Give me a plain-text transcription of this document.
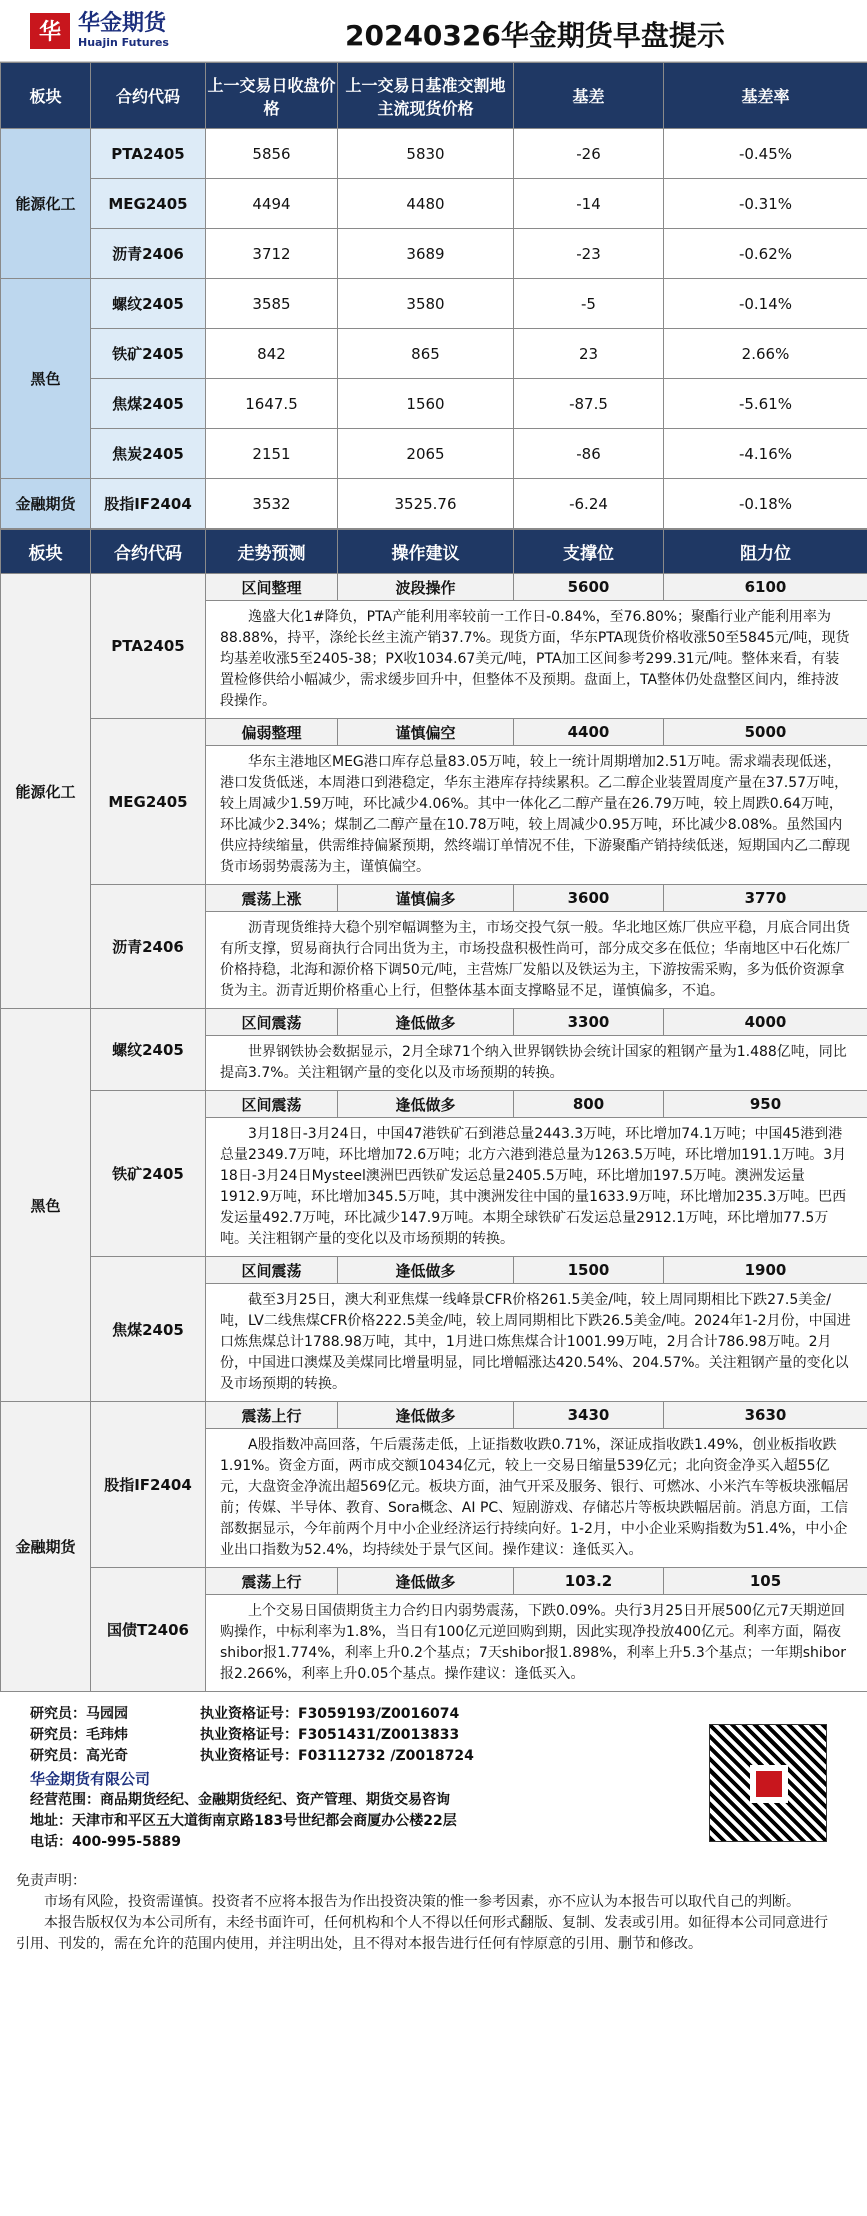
华 华金期货
Huajin Futures	20240326华金期货早盘提示
板块	合约代码	上一交易日收盘价格	上一交易日基准交割地主流现货价格	基差	基差率
能源化工	PTA2405	5856	5830	-26	-0.45%
	MEG2405	4494	4480	-14	-0.31%
	沥青2406	3712	3689	-23	-0.62%
黑色	螺纹2405	3585	3580	-5	-0.14%
	铁矿2405	842	865	23	2.66%
	焦煤2405	1647.5	1560	-87.5	-5.61%
	焦炭2405	2151	2065	-86	-4.16%
金融期货	股指IF2404	3532	3525.76	-6.24	-0.18%
板块	合约代码	走势预测	操作建议	支撑位	阻力位
能源化工	PTA2405	区间整理	波段操作	5600	6100
		逸盛大化1#降负，PTA产能利用率较前一工作日-0.84%，至76.80%；聚酯行业产能利用率为88.88%，持平，涤纶长丝主流产销37.7%。现货方面，华东PTA现货价格收涨50至5845元/吨，现货均基差收涨5至2405-38；PX收1034.67美元/吨，PTA加工区间参考299.31元/吨。整体来看，有装置检修供给小幅减少，需求缓步回升中，但整体不及预期。盘面上，TA整体仍处盘整区间内，维持波段操作。			
	MEG2405	偏弱整理	谨慎偏空	4400	5000
		华东主港地区MEG港口库存总量83.05万吨，较上一统计周期增加2.51万吨。需求端表现低迷，港口发货低迷，本周港口到港稳定，华东主港库存持续累积。乙二醇企业装置周度产量在37.57万吨，较上周减少1.59万吨，环比减少4.06%。其中一体化乙二醇产量在26.79万吨，较上周跌0.64万吨，环比减少2.34%；煤制乙二醇产量在10.78万吨，较上周减少0.95万吨，环比减少8.08%。虽然国内供应持续缩量，供需维持偏紧预期，然终端订单情况不佳，下游聚酯产销持续低迷，短期国内乙二醇现货市场弱势震荡为主，谨慎偏空。			
	沥青2406	震荡上涨	谨慎偏多	3600	3770
		沥青现货维持大稳个别窄幅调整为主，市场交投气氛一般。华北地区炼厂供应平稳，月底合同出货有所支撑，贸易商执行合同出货为主，市场投盘积极性尚可，部分成交多在低位；华南地区中石化炼厂价格持稳，北海和源价格下调50元/吨，主营炼厂发船以及铁运为主，下游按需采购，多为低价资源拿货为主。沥青近期价格重心上行，但整体基本面支撑略显不足，谨慎偏多，不追。			
黑色	螺纹2405	区间震荡	逢低做多	3300	4000
		世界钢铁协会数据显示，2月全球71个纳入世界钢铁协会统计国家的粗钢产量为1.488亿吨，同比提高3.7%。关注粗钢产量的变化以及市场预期的转换。			
	铁矿2405	区间震荡	逢低做多	800	950
		3月18日-3月24日，中国47港铁矿石到港总量2443.3万吨，环比增加74.1万吨；中国45港到港总量2349.7万吨，环比增加72.6万吨；北方六港到港总量为1263.5万吨，环比增加191.1万吨。3月18日-3月24日Mysteel澳洲巴西铁矿发运总量2405.5万吨，环比增加197.5万吨。澳洲发运量1912.9万吨，环比增加345.5万吨，其中澳洲发往中国的量1633.9万吨，环比增加235.3万吨。巴西发运量492.7万吨，环比减少147.9万吨。本期全球铁矿石发运总量2912.1万吨，环比增加77.5万吨。关注粗钢产量的变化以及市场预期的转换。			
	焦煤2405	区间震荡	逢低做多	1500	1900
		截至3月25日，澳大利亚焦煤一线峰景CFR价格261.5美金/吨，较上周同期相比下跌27.5美金/吨，LV二线焦煤CFR价格222.5美金/吨，较上周同期相比下跌26.5美金/吨。2024年1-2月份，中国进口炼焦煤总计1788.98万吨，其中，1月进口炼焦煤合计1001.99万吨，2月合计786.98万吨。2月份，中国进口澳煤及美煤同比增量明显，同比增幅涨达420.54%、204.57%。关注粗钢产量的变化以及市场预期的转换。			
金融期货	股指IF2404	震荡上行	逢低做多	3430	3630
		A股指数冲高回落，午后震荡走低，上证指数收跌0.71%，深证成指收跌1.49%，创业板指收跌1.91%。资金方面，两市成交额10434亿元，较上一交易日缩量539亿元；北向资金净买入超55亿元，大盘资金净流出超569亿元。板块方面，油气开采及服务、银行、可燃冰、小米汽车等板块涨幅居前；传媒、半导体、教育、Sora概念、AI PC、短剧游戏、存储芯片等板块跌幅居前。消息方面，工信部数据显示，今年前两个月中小企业经济运行持续向好。1-2月，中小企业采购指数为51.4%，中小企业出口指数为52.4%，均持续处于景气区间。操作建议：逢低买入。			
	国债T2406	震荡上行	逢低做多	103.2	105
		上个交易日国债期货主力合约日内弱势震荡，下跌0.09%。央行3月25日开展500亿元7天期逆回购操作，中标利率为1.8%，当日有100亿元逆回购到期，因此实现净投放400亿元。利率方面，隔夜shibor报1.774%，利率上升0.2个基点；7天shibor报1.898%，利率上升5.3个基点；一年期shibor报2.266%，利率上升0.05个基点。操作建议：逢低买入。			
研究员：马园园	执业资格证号：F3059193/Z0016074
研究员：毛玮炜	执业资格证号：F3051431/Z0013833
研究员：高光奇	执业资格证号：F03112732 /Z0018724
华金期货有限公司
经营范围：商品期货经纪、金融期货经纪、资产管理、期货交易咨询
地址：天津市和平区五大道街南京路183号世纪都会商厦办公楼22层
电话：400-995-5889
免责声明：

市场有风险，投资需谨慎。投资者不应将本报告为作出投资决策的惟一参考因素，亦不应认为本报告可以取代自己的判断。

本报告版权仅为本公司所有，未经书面许可，任何机构和个人不得以任何形式翻版、复制、发表或引用。如征得本公司同意进行引用、刊发的，需在允许的范围内使用，并注明出处，且不得对本报告进行任何有悖原意的引用、删节和修改。
